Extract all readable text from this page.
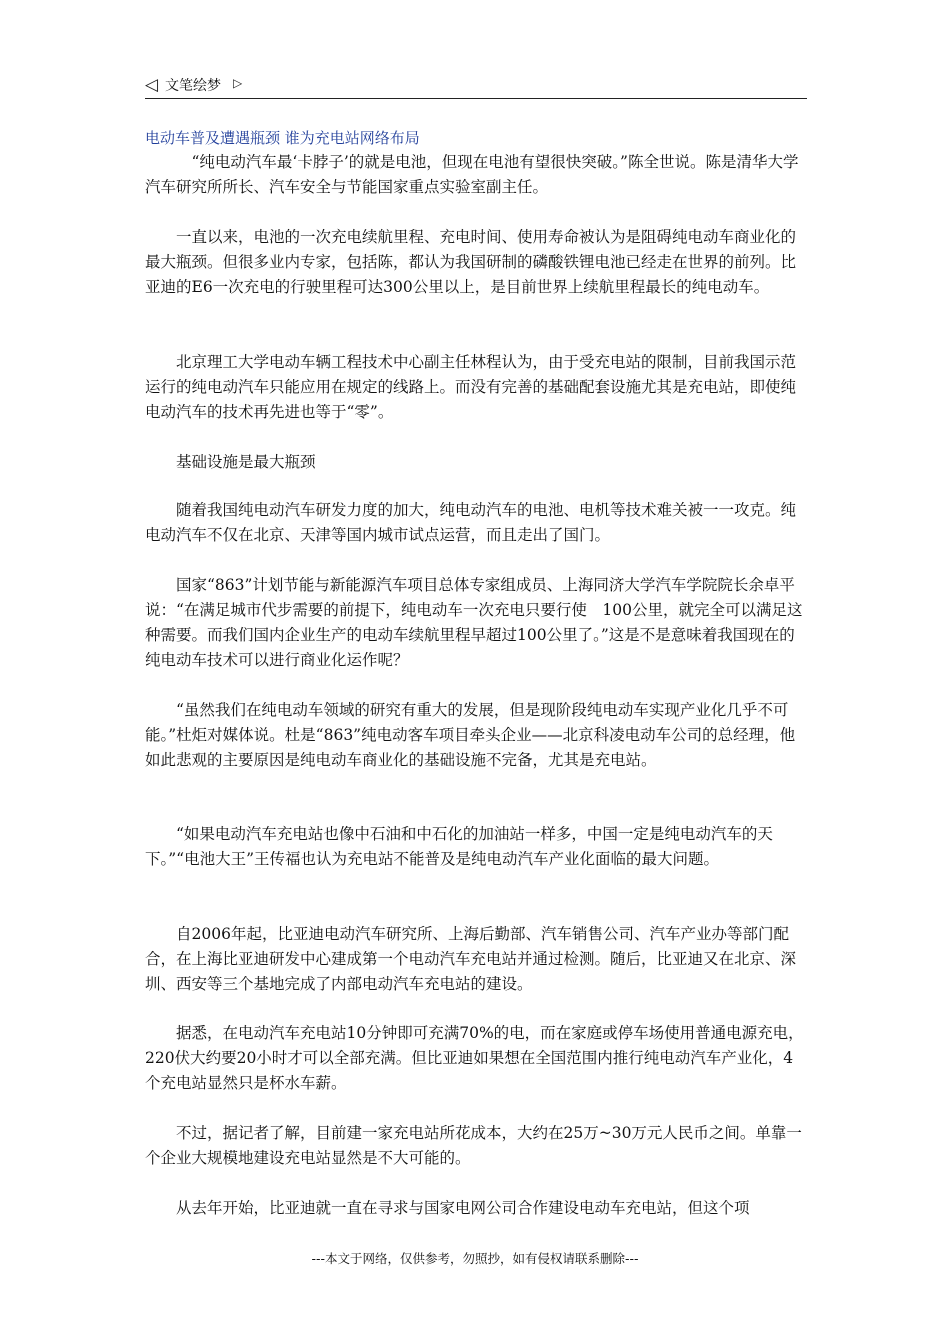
◁ 文笔绘梦 ▷
电动车普及遭遇瓶颈 谁为充电站网络布局

　　　“纯电动汽车最‘卡脖子’的就是电池，但现在电池有望很快突破。”陈全世说。陈是清华大学汽车研究所所长、汽车安全与节能国家重点实验室副主任。

　　一直以来，电池的一次充电续航里程、充电时间、使用寿命被认为是阻碍纯电动车商业化的最大瓶颈。但很多业内专家，包括陈，都认为我国研制的磷酸铁锂电池已经走在世界的前列。比亚迪的E6一次充电的行驶里程可达300公里以上，是目前世界上续航里程最长的纯电动车。

　　北京理工大学电动车辆工程技术中心副主任林程认为，由于受充电站的限制，目前我国示范运行的纯电动汽车只能应用在规定的线路上。而没有完善的基础配套设施尤其是充电站，即使纯电动汽车的技术再先进也等于“零”。

　　基础设施是最大瓶颈

　　随着我国纯电动汽车研发力度的加大，纯电动汽车的电池、电机等技术难关被一一攻克。纯电动汽车不仅在北京、天津等国内城市试点运营，而且走出了国门。

　　国家“863”计划节能与新能源汽车项目总体专家组成员、上海同济大学汽车学院院长余卓平说：“在满足城市代步需要的前提下，纯电动车一次充电只要行使　100公里，就完全可以满足这种需要。而我们国内企业生产的电动车续航里程早超过100公里了。”这是不是意味着我国现在的纯电动车技术可以进行商业化运作呢？

　　“虽然我们在纯电动车领域的研究有重大的发展，但是现阶段纯电动车实现产业化几乎不可能。”杜炬对媒体说。杜是“863”纯电动客车项目牵头企业——北京科凌电动车公司的总经理，他如此悲观的主要原因是纯电动车商业化的基础设施不完备，尤其是充电站。

　　“如果电动汽车充电站也像中石油和中石化的加油站一样多，中国一定是纯电动汽车的天下。”“电池大王”王传福也认为充电站不能普及是纯电动汽车产业化面临的最大问题。

　　自2006年起，比亚迪电动汽车研究所、上海后勤部、汽车销售公司、汽车产业办等部门配合，在上海比亚迪研发中心建成第一个电动汽车充电站并通过检测。随后，比亚迪又在北京、深圳、西安等三个基地完成了内部电动汽车充电站的建设。

　　据悉，在电动汽车充电站10分钟即可充满70%的电，而在家庭或停车场使用普通电源充电，220伏大约要20小时才可以全部充满。但比亚迪如果想在全国范围内推行纯电动汽车产业化，4个充电站显然只是杯水车薪。

　　不过，据记者了解，目前建一家充电站所花成本，大约在25万~30万元人民币之间。单靠一个企业大规模地建设充电站显然是不大可能的。

　　从去年开始，比亚迪就一直在寻求与国家电网公司合作建设电动车充电站，但这个项

---本文于网络，仅供参考，勿照抄，如有侵权请联系删除---
